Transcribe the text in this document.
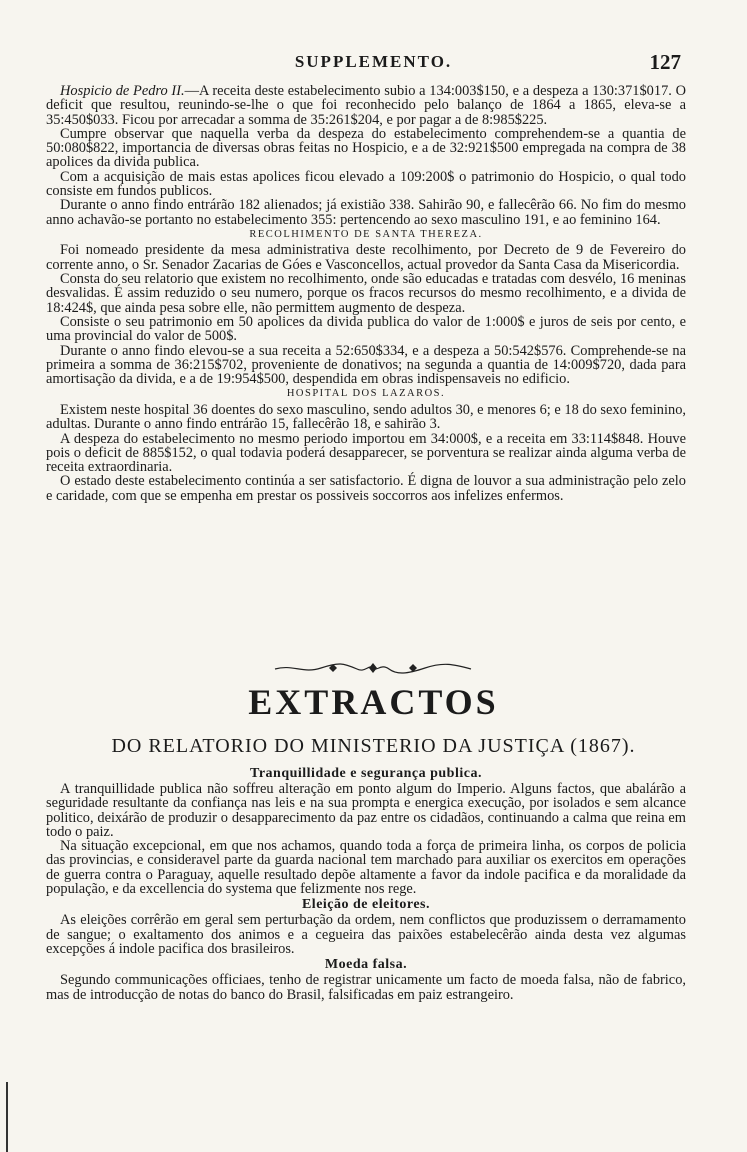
SUPPLEMENTO.	127

Hospicio de Pedro II.—A receita deste estabelecimento subio a 134:003$150, e a despeza a 130:371$017. O deficit que resultou, reunindo-se-lhe o que foi reconhecido pelo balanço de 1864 a 1865, eleva-se a 35:450$033. Ficou por arrecadar a somma de 35:261$204, e por pagar a de 8:985$225.

Cumpre observar que naquella verba da despeza do estabelecimento comprehendem-se a quantia de 50:080$822, importancia de diversas obras feitas no Hospicio, e a de 32:921$500 empregada na compra de 38 apolices da divida publica.

Com a acquisição de mais estas apolices ficou elevado a 109:200$ o patrimonio do Hospicio, o qual todo consiste em fundos publicos.

Durante o anno findo entrárão 182 alienados; já existião 338. Sahirão 90, e fallecêrão 66. No fim do mesmo anno achavão-se portanto no estabelecimento 355: pertencendo ao sexo masculino 191, e ao feminino 164.

RECOLHIMENTO DE SANTA THEREZA.

Foi nomeado presidente da mesa administrativa deste recolhimento, por Decreto de 9 de Fevereiro do corrente anno, o Sr. Senador Zacarias de Góes e Vasconcellos, actual provedor da Santa Casa da Misericordia.

Consta do seu relatorio que existem no recolhimento, onde são educadas e tratadas com desvélo, 16 meninas desvalidas. É assim reduzido o seu numero, porque os fracos recursos do mesmo recolhimento, e a divida de 18:424$, que ainda pesa sobre elle, não permittem augmento de despeza.

Consiste o seu patrimonio em 50 apolices da divida publica do valor de 1:000$ e juros de seis por cento, e uma provincial do valor de 500$.

Durante o anno findo elevou-se a sua receita a 52:650$334, e a despeza a 50:542$576. Comprehende-se na primeira a somma de 36:215$702, proveniente de donativos; na segunda a quantia de 14:009$720, dada para amortisação da divida, e a de 19:954$500, despendida em obras indispensaveis no edificio.

HOSPITAL DOS LAZAROS.

Existem neste hospital 36 doentes do sexo masculino, sendo adultos 30, e menores 6; e 18 do sexo feminino, adultas. Durante o anno findo entrárão 15, fallecêrão 18, e sahirão 3.

A despeza do estabelecimento no mesmo periodo importou em 34:000$, e a receita em 33:114$848. Houve pois o deficit de 885$152, o qual todavia poderá desapparecer, se porventura se realizar ainda alguma verba de receita extraordinaria.

O estado deste estabelecimento continúa a ser satisfactorio. É digna de louvor a sua administração pelo zelo e caridade, com que se empenha em prestar os possiveis soccorros aos infelizes enfermos.

EXTRACTOS
DO RELATORIO DO MINISTERIO DA JUSTIÇA (1867).
Tranquillidade e segurança publica.

A tranquillidade publica não soffreu alteração em ponto algum do Imperio. Alguns factos, que abalárão a seguridade resultante da confiança nas leis e na sua prompta e energica execução, por isolados e sem alcance politico, deixárão de produzir o desapparecimento da paz entre os cidadãos, continuando a calma que reina em todo o paiz.

Na situação excepcional, em que nos achamos, quando toda a força de primeira linha, os corpos de policia das provincias, e consideravel parte da guarda nacional tem marchado para auxiliar os exercitos em operações de guerra contra o Paraguay, aquelle resultado depõe altamente a favor da indole pacifica e da moralidade da população, e da excellencia do systema que felizmente nos rege.

Eleição de eleitores.

As eleições corrêrão em geral sem perturbação da ordem, nem conflictos que produzissem o derramamento de sangue; o exaltamento dos animos e a cegueira das paixões estabelecêrão ainda desta vez algumas excepções á indole pacifica dos brasileiros.

Moeda falsa.

Segundo communicações officiaes, tenho de registrar unicamente um facto de moeda falsa, não de fabrico, mas de introducção de notas do banco do Brasil, falsificadas em paiz estrangeiro.
